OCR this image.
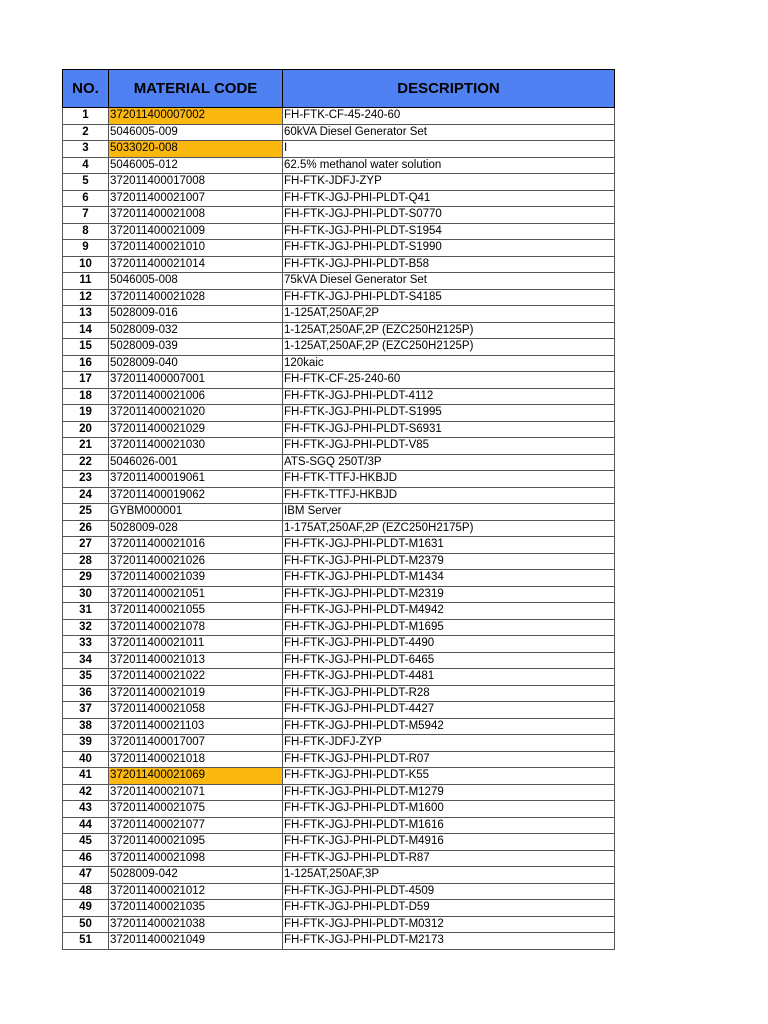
NO.	MATERIAL CODE	DESCRIPTION
1	372011400007002	FH-FTK-CF-45-240-60
2	5046005-009	60kVA Diesel Generator Set
3	5033020-008	I
4	5046005-012	62.5% methanol water solution
5	372011400017008	FH-FTK-JDFJ-ZYP
6	372011400021007	FH-FTK-JGJ-PHI-PLDT-Q41
7	372011400021008	FH-FTK-JGJ-PHI-PLDT-S0770
8	372011400021009	FH-FTK-JGJ-PHI-PLDT-S1954
9	372011400021010	FH-FTK-JGJ-PHI-PLDT-S1990
10	372011400021014	FH-FTK-JGJ-PHI-PLDT-B58
11	5046005-008	75kVA Diesel Generator Set
12	372011400021028	FH-FTK-JGJ-PHI-PLDT-S4185
13	5028009-016	1-125AT,250AF,2P
14	5028009-032	1-125AT,250AF,2P (EZC250H2125P)
15	5028009-039	1-125AT,250AF,2P (EZC250H2125P)
16	5028009-040	120kaic
17	372011400007001	FH-FTK-CF-25-240-60
18	372011400021006	FH-FTK-JGJ-PHI-PLDT-4112
19	372011400021020	FH-FTK-JGJ-PHI-PLDT-S1995
20	372011400021029	FH-FTK-JGJ-PHI-PLDT-S6931
21	372011400021030	FH-FTK-JGJ-PHI-PLDT-V85
22	5046026-001	ATS-SGQ 250T/3P
23	372011400019061	FH-FTK-TTFJ-HKBJD
24	372011400019062	FH-FTK-TTFJ-HKBJD
25	GYBM000001	IBM Server
26	5028009-028	1-175AT,250AF,2P (EZC250H2175P)
27	372011400021016	FH-FTK-JGJ-PHI-PLDT-M1631
28	372011400021026	FH-FTK-JGJ-PHI-PLDT-M2379
29	372011400021039	FH-FTK-JGJ-PHI-PLDT-M1434
30	372011400021051	FH-FTK-JGJ-PHI-PLDT-M2319
31	372011400021055	FH-FTK-JGJ-PHI-PLDT-M4942
32	372011400021078	FH-FTK-JGJ-PHI-PLDT-M1695
33	372011400021011	FH-FTK-JGJ-PHI-PLDT-4490
34	372011400021013	FH-FTK-JGJ-PHI-PLDT-6465
35	372011400021022	FH-FTK-JGJ-PHI-PLDT-4481
36	372011400021019	FH-FTK-JGJ-PHI-PLDT-R28
37	372011400021058	FH-FTK-JGJ-PHI-PLDT-4427
38	372011400021103	FH-FTK-JGJ-PHI-PLDT-M5942
39	372011400017007	FH-FTK-JDFJ-ZYP
40	372011400021018	FH-FTK-JGJ-PHI-PLDT-R07
41	372011400021069	FH-FTK-JGJ-PHI-PLDT-K55
42	372011400021071	FH-FTK-JGJ-PHI-PLDT-M1279
43	372011400021075	FH-FTK-JGJ-PHI-PLDT-M1600
44	372011400021077	FH-FTK-JGJ-PHI-PLDT-M1616
45	372011400021095	FH-FTK-JGJ-PHI-PLDT-M4916
46	372011400021098	FH-FTK-JGJ-PHI-PLDT-R87
47	5028009-042	1-125AT,250AF,3P
48	372011400021012	FH-FTK-JGJ-PHI-PLDT-4509
49	372011400021035	FH-FTK-JGJ-PHI-PLDT-D59
50	372011400021038	FH-FTK-JGJ-PHI-PLDT-M0312
51	372011400021049	FH-FTK-JGJ-PHI-PLDT-M2173
